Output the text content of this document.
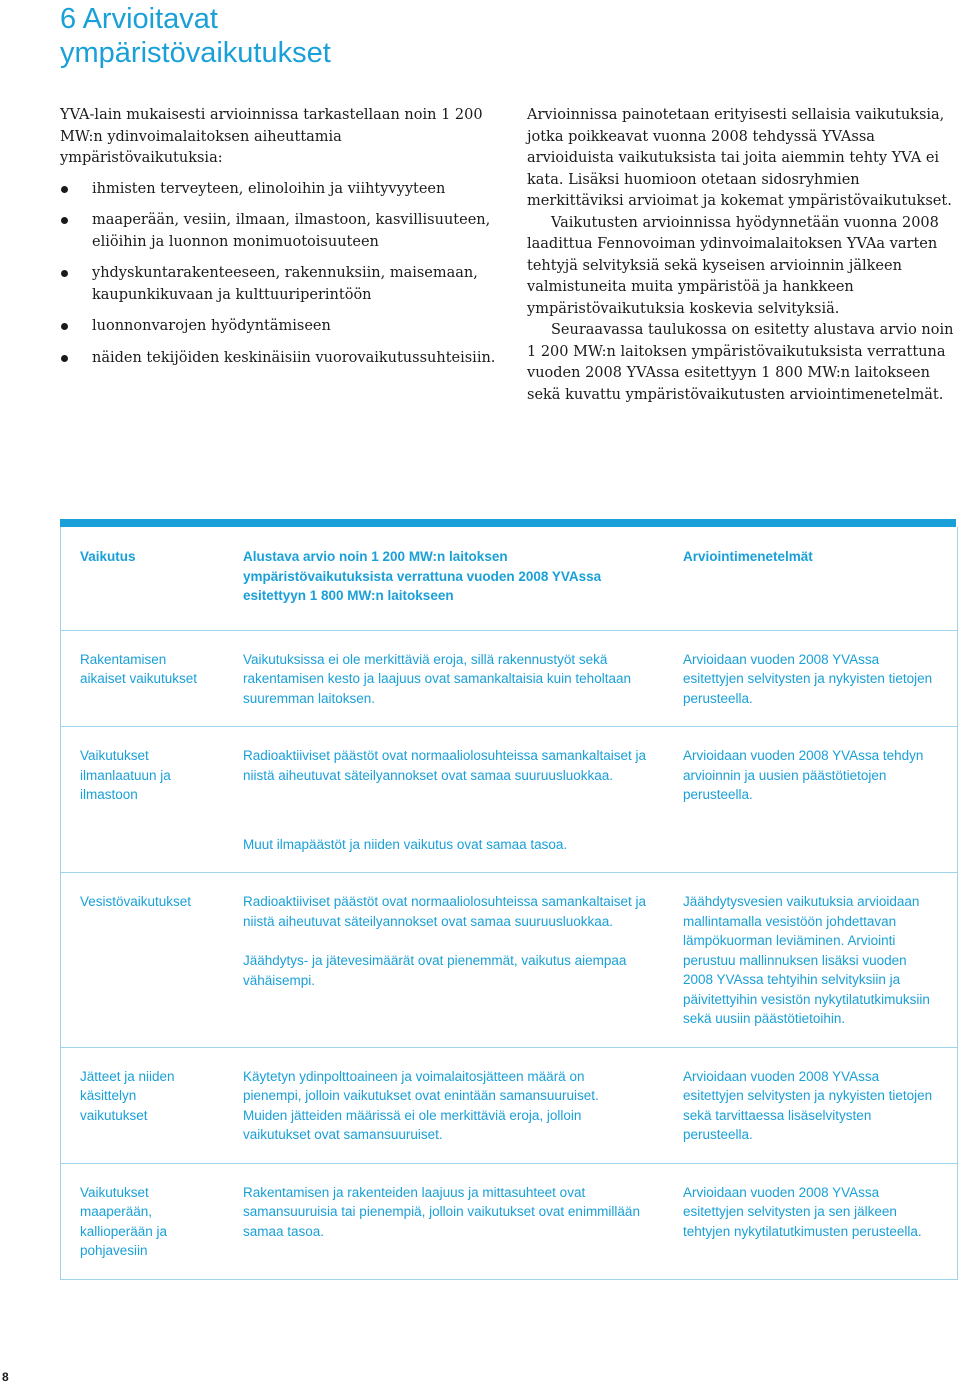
6 Arvioitavat
ympäristövaikutukset

YVA-lain mukaisesti arvioinnissa tarkastellaan noin 1 200 MW:n ydinvoimalaitoksen aiheuttamia ympäristövaikutuksia:

ihmisten terveyteen, elinoloihin ja viihtyvyyteen
maaperään, vesiin, ilmaan, ilmastoon, kasvillisuuteen, eliöihin ja luonnon monimuotoisuuteen
yhdyskuntarakenteeseen, rakennuksiin, maisemaan, kaupunkikuvaan ja kulttuuriperintöön
luonnonvarojen hyödyntämiseen
näiden tekijöiden keskinäisiin vuorovaikutussuhteisiin.

Arvioinnissa painotetaan erityisesti sellaisia vaikutuksia, jotka poikkeavat vuonna 2008 tehdyssä YVAssa arvioiduista vaikutuksista tai joita aiemmin tehty YVA ei kata. Lisäksi huomioon otetaan sidosryhmien merkittäviksi arvioimat ja kokemat ympäristövaikutukset.

Vaikutusten arvioinnissa hyödynnetään vuonna 2008 laadittua Fennovoiman ydinvoimalaitoksen YVAa varten tehtyjä selvityksiä sekä kyseisen arvioinnin jälkeen valmistuneita muita ympäristöä ja hankkeen ympäristövaikutuksia koskevia selvityksiä.

Seuraavassa taulukossa on esitetty alustava arvio noin 1 200 MW:n laitoksen ympäristövaikutuksista verrattuna vuoden 2008 YVAssa esitettyyn 1 800 MW:n laitokseen sekä kuvattu ympäristövaikutusten arviointimenetelmät.

Vaikutus	Alustava arvio noin 1 200 MW:n laitoksen ympäristövaikutuksista verrattuna vuoden 2008 YVAssa esitettyyn 1 800 MW:n laitokseen
Arviointimenetelmät
Rakentamisen aikaiset vaikutukset
Vaikutuksissa ei ole merkittäviä eroja, sillä rakennustyöt sekä rakentamisen kesto ja laajuus ovat samankaltaisia kuin teholtaan suuremman laitoksen.
Arvioidaan vuoden 2008 YVAssa esitettyjen selvitysten ja nykyisten tietojen perusteella.
Vaikutukset ilmanlaatuun ja ilmastoon
Radioaktiiviset päästöt ovat normaaliolosuhteissa samankaltaiset ja niistä aiheutuvat säteilyannokset ovat samaa suuruusluokkaa.
Arvioidaan vuoden 2008 YVAssa tehdyn arvioinnin ja uusien päästötietojen perusteella.
Muut ilmapäästöt ja niiden vaikutus ovat samaa tasoa.
Vesistövaikutukset	Radioaktiiviset päästöt ovat normaaliolosuhteissa samankaltaiset ja niistä aiheutuvat säteilyannokset ovat samaa suuruusluokkaa.
Jäähdytys- ja jätevesimäärät ovat pienemmät, vaikutus aiempaa vähäisempi.
Jäähdytysvesien vaikutuksia arvioidaan mallintamalla vesistöön johdettavan lämpökuorman leviäminen. Arviointi perustuu mallinnuksen lisäksi vuoden 2008 YVAssa tehtyihin selvityksiin ja päivitettyihin vesistön nykytilatutkimuksiin sekä uusiin päästötietoihin.
Jätteet ja niiden käsittelyn vaikutukset
Käytetyn ydinpolttoaineen ja voimalaitosjätteen määrä on pienempi, jolloin vaikutukset ovat enintään samansuuruiset. Muiden jätteiden määrissä ei ole merkittäviä eroja, jolloin vaikutukset ovat samansuuruiset.
Arvioidaan vuoden 2008 YVAssa esitettyjen selvitysten ja nykyisten tietojen sekä tarvittaessa lisäselvitysten perusteella.
Vaikutukset maaperään, kallioperään ja pohjavesiin
Rakentamisen ja rakenteiden laajuus ja mittasuhteet ovat samansuuruisia tai pienempiä, jolloin vaikutukset ovat enimmillään samaa tasoa.
Arvioidaan vuoden 2008 YVAssa esitettyjen selvitysten ja sen jälkeen tehtyjen nykytilatutkimusten perusteella.
8
